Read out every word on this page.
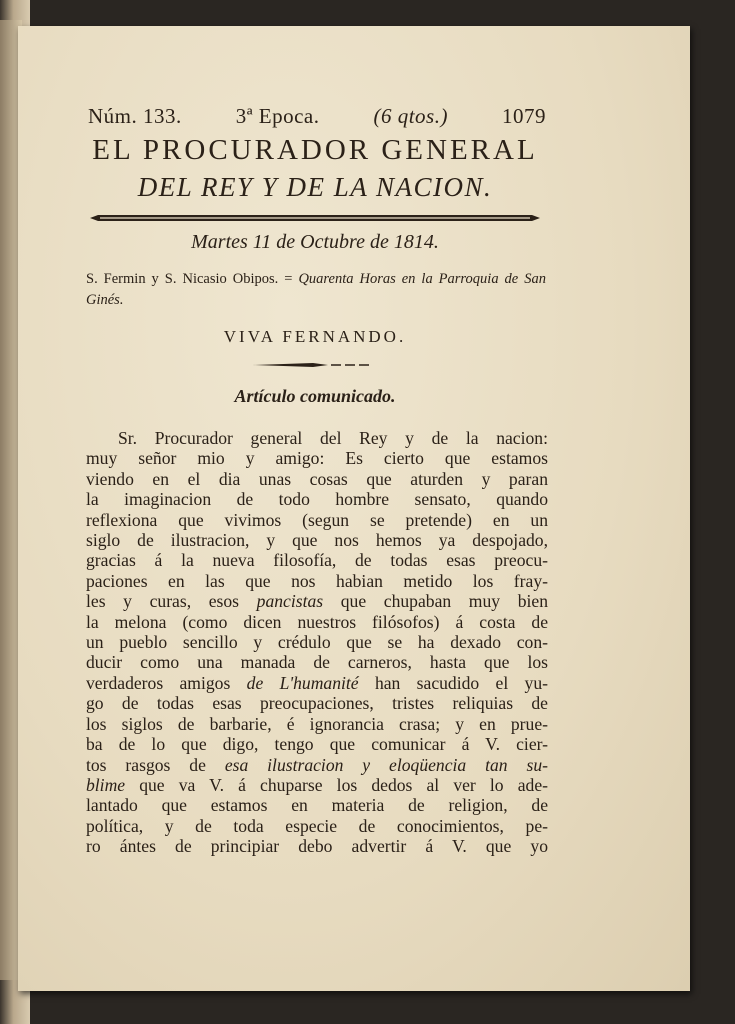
Núm. 133.	3ª Epoca.	(6 qtos.)	1079
EL PROCURADOR GENERAL
DEL REY Y DE LA NACION.
Martes 11 de Octubre de 1814.
S. Fermin y S. Nicasio Obipos. = Quarenta Horas en la Parroquia de San Ginés.
VIVA FERNANDO.
Artículo comunicado.
Sr. Procurador general del Rey y de la nacion:
muy señor mio y amigo: Es cierto que estamos
viendo en el dia unas cosas que aturden y paran
la imaginacion de todo hombre sensato, quando
reflexiona que vivimos (segun se pretende) en un
siglo de ilustracion, y que nos hemos ya despojado,
gracias á la nueva filosofía, de todas esas preocu-
paciones en las que nos habian metido los fray-
les y curas, esos pancistas que chupaban muy bien
la melona (como dicen nuestros filósofos) á costa de
un pueblo sencillo y crédulo que se ha dexado con-
ducir como una manada de carneros, hasta que los
verdaderos amigos de L'humanité han sacudido el yu-
go de todas esas preocupaciones, tristes reliquias de
los siglos de barbarie, é ignorancia crasa; y en prue-
ba de lo que digo, tengo que comunicar á V. cier-
tos rasgos de esa ilustracion y eloqüencia tan su-
blime que va V. á chuparse los dedos al ver lo ade-
lantado que estamos en materia de religion, de
política, y de toda especie de conocimientos, pe-
ro ántes de principiar debo advertir á V. que yo
